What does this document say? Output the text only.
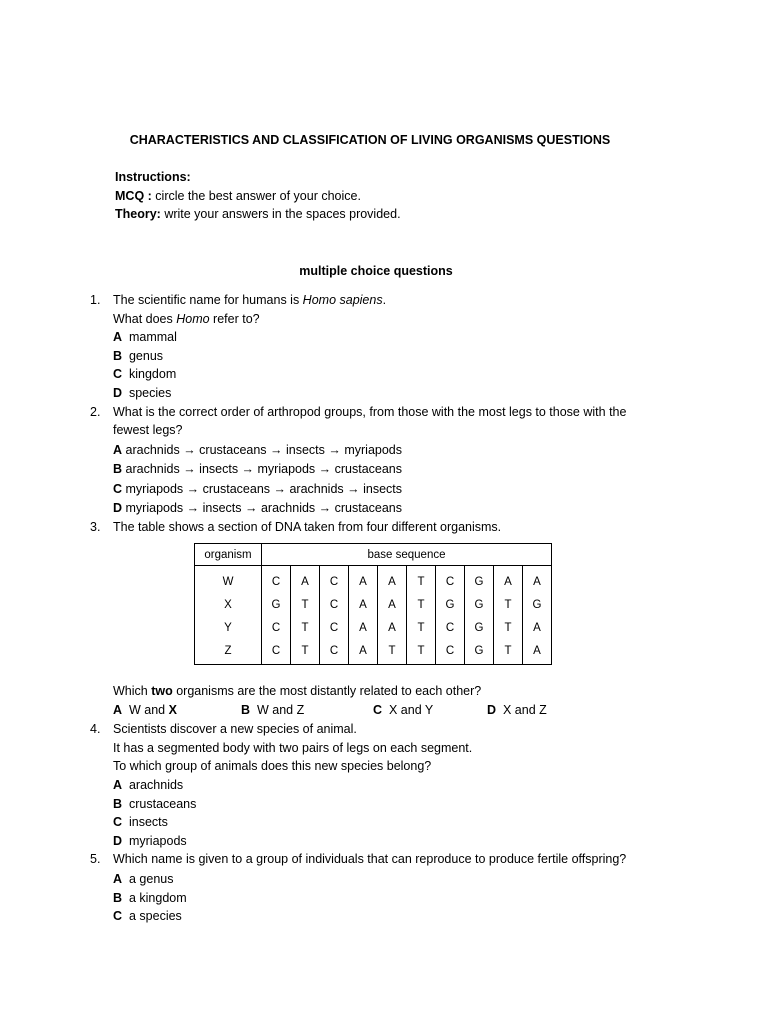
CHARACTERISTICS AND CLASSIFICATION OF LIVING ORGANISMS QUESTIONS
Instructions:
MCQ : circle the best answer of your choice.
Theory: write your answers in the spaces provided.
multiple choice questions
1. The scientific name for humans is Homo sapiens.
What does Homo refer to?
A mammal
B genus
C kingdom
D species
2. What is the correct order of arthropod groups, from those with the most legs to those with the
fewest legs?
A arachnids → crustaceans → insects → myriapods
B arachnids → insects → myriapods → crustaceans
C myriapods → crustaceans → arachnids → insects
D myriapods → insects → arachnids → crustaceans
3. The table shows a section of DNA taken from four different organisms.
organism	base sequence									
W	C	A	C	A	A	T	C	G	A	A
X	G	T	C	A	A	T	G	G	T	G
Y	C	T	C	A	A	T	C	G	T	A
Z	C	T	C	A	T	T	C	G	T	A
Which two organisms are the most distantly related to each other?
A W and X	B W and Z	C X and Y	D X and Z
4. Scientists discover a new species of animal.
It has a segmented body with two pairs of legs on each segment.
To which group of animals does this new species belong?
A arachnids
B crustaceans
C insects
D myriapods
5. Which name is given to a group of individuals that can reproduce to produce fertile offspring?
A a genus
B a kingdom
C a species
